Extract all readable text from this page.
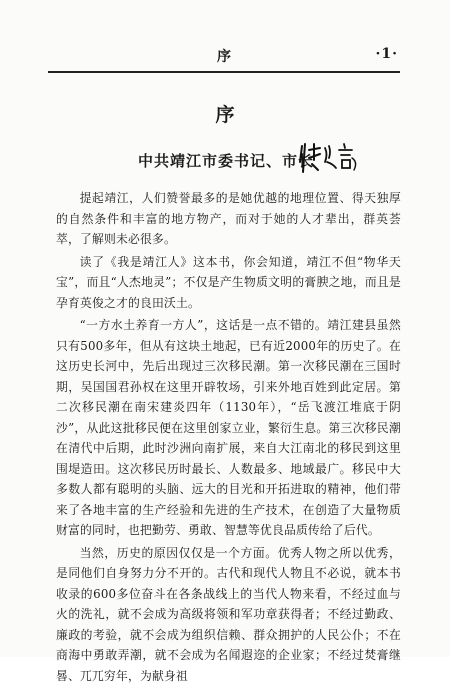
序	·1·
序
中共靖江市委书记、市长

提起靖江，人们赞誉最多的是她优越的地理位置、得天独厚的自然条件和丰富的地方物产，而对于她的人才辈出，群英荟萃，了解则未必很多。

读了《我是靖江人》这本书，你会知道，靖江不但“物华天宝”，而且“人杰地灵”；不仅是产生物质文明的膏腴之地，而且是孕育英俊之才的良田沃土。

“一方水土养育一方人”，这话是一点不错的。靖江建县虽然只有500多年，但从有这块土地起，已有近2000年的历史了。在这历史长河中，先后出现过三次移民潮。第一次移民潮在三国时期，吴国国君孙权在这里开辟牧场，引来外地百姓到此定居。第二次移民潮在南宋建炎四年（1130年），“岳飞渡江堆底于阴沙”，从此这批移民便在这里创家立业，繁衍生息。第三次移民潮在清代中后期，此时沙洲向南扩展，来自大江南北的移民到这里围堤造田。这次移民历时最长、人数最多、地域最广。移民中大多数人都有聪明的头脑、远大的目光和开拓进取的精神，他们带来了各地丰富的生产经验和先进的生产技术，在创造了大量物质财富的同时，也把勤劳、勇敢、智慧等优良品质传给了后代。

当然，历史的原因仅仅是一个方面。优秀人物之所以优秀，是同他们自身努力分不开的。古代和现代人物且不必说，就本书收录的600多位奋斗在各条战线上的当代人物来看，不经过血与火的洗礼，就不会成为高级将领和军功章获得者；不经过勤政、廉政的考验，就不会成为组织信赖、群众拥护的人民公仆；不在商海中勇敢弄潮，就不会成为名闻遐迩的企业家；不经过焚膏继晷、兀兀穷年，为献身祖
